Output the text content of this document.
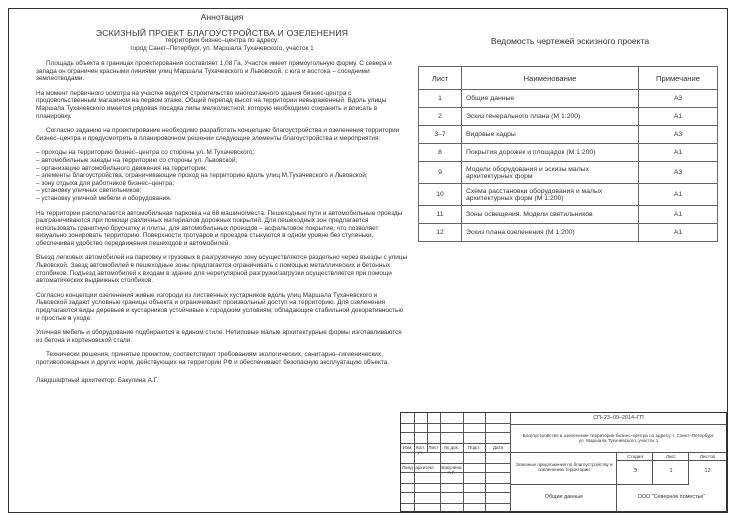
Аннотация
ЭСКИЗНЫЙ ПРОЕКТ БЛАГОУСТРОЙСТВА И ОЗЕЛЕНЕНИЯ
территории бизнес–центра по адресу:
город Санкт–Петербург, ул. Маршала Тухачевского, участок 1

Площадь объекта в границах проектирования составляет 1,08 Га. Участок имеет прямоугольную форму. С севера и запада он ограничен красными линиями улиц Маршала Тухачевского и Львовской, с юга и востока – соседними землеотводами.

На момент первичного осмотра на участке ведется строительство многоэтажного здания бизнес-центра с продовольственным магазином на первом этаже. Общий перепад высот на территории невыраженный. Вдоль улицы Маршала Тухачевского имеется рядовая посадка липы мелколистной, которую необходимо сохранить и вписать в планировку.

Согласно заданию на проектирование необходимо разработать концепцию благоустройства и озеленения территории бизнес–центра и предусмотреть в планировочном решении следующие элементы благоустройства и мероприятия:

– проходы на территорию бизнес–центра со стороны ул. М.Тухачевского;
– автомобильные заезды на территорию со стороны ул. Львовской;
– организацию автомобильного движения на территории;
– элементы благоустройства, ограничивающие проход на территорию вдоль улиц М.Тухачевского и Львовской;
– зону отдыха для работников бизнес–центра;
– установку уличных светильников;
– установку уличной мебели и оборудования.

На территории располагается автомобильная парковка на 68 машино/места. Пешеходные пути и автомобильные проезды разграничиваются при помощи различных материалов дорожных покрытий. Для пешеходных зон предлагается использовать гранитную брусчатку и плиты, для автомобильных проездов – асфальтовое покрытие, что позволяет визуально зонировать территорию. Поверхности тротуаров и проездов стыкуются в одном уровне без ступеньки, обеспечивая удобство передвижения пешеходов и автомобилей.

Въезд легковых автомобилей на парковку и грузовых в разгрузочную зону осуществляется раздельно через въезды с улицы Львовской. Заезд автомобилей в пешеходные зоны предлагается ограничивать с помощью металлических и бетонных столбиков. Подъезд автомобилей к входам в здание для нерегулярной разгрузки/загрузки осуществляется при помощи автоматических выдвижных столбиков.

Согласно концепции озеленения живые изгороди из лиственных кустарников вдоль улиц Маршала Тухачевского и Львовской задают условные границы объекта и ограничивают произвольный доступ на территорию. Для озеленения предлагаются виды деревьев и кустарников устойчивые к городским условиям, обладающие стабильной декоративностью и простые в уходе.

Уличная мебель и оборудование подбираются в едином стиле. Нетиповые малые архитектурные формы изготавливаются из бетона и кортеновской стали.

Технически решения, принятые проектом, соответствуют требованиям экологических, санитарно–гигиенических, противопожарных и других норм, действующих на территории РФ и обеспечивают безопасную эксплуатацию объекта.

Ландшафтный архитектор: Бакулина А.Г.
Ведомость чертежей эскизного проекта
Лист	Наименование	Примечание
1	Общие данные	А3
2	Эскиз генерального плана (М 1:200)	А1
3–7	Видовые кадры	А3
8	Покрытия дорожек и площадок (М 1:200)	А1
9	Модели оборудования и эскизы малых архитектурных форм	А3
10	Схема расстановки оборудования и малых архитектурных форм (М 1:200)	А1
11	Зоны освещения. Модели светильников	А1
12	Эскиз плана озеленения (М 1:200)	А1
Изм. Кол. уч.
Лист	№ док.	Подп.	Дата
Ланд. архитект.	Бакулина А.Г.
СП–23–09–2014–ГП
Благоустройство и озеленение территории бизнес–центра по адресу: г. Санкт–Петербург, ул. Маршала Тухачевского, участок 1
Эскизные предложения по благоустройству и озеленению территории
Стадия	Лист	Листов
Э	1	12
Общие данные	ООО "Северное поместье"
